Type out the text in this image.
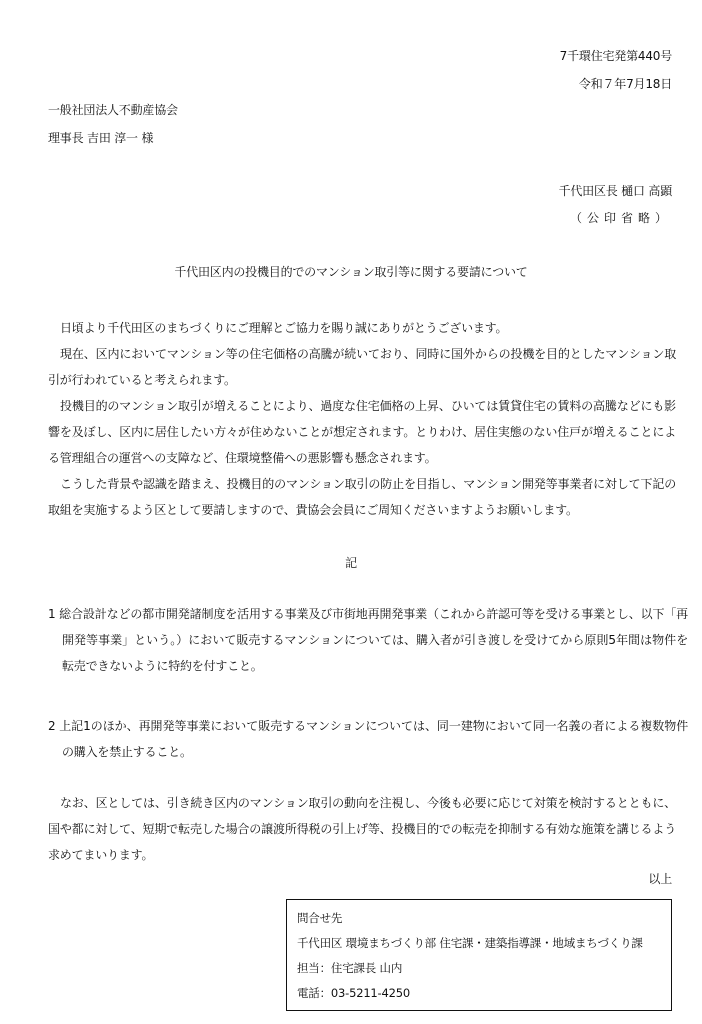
7千環住宅発第440号
令和７年7月18日
一般社団法人不動産協会
理事長 吉田 淳一 様
千代田区長 樋口 高顕
（公印省略）
千代田区内の投機目的でのマンション取引等に関する要請について

日頃より千代田区のまちづくりにご理解とご協力を賜り誠にありがとうございます。

現在、区内においてマンション等の住宅価格の高騰が続いており、同時に国外からの投機を目的としたマンション取引が行われていると考えられます。

投機目的のマンション取引が増えることにより、過度な住宅価格の上昇、ひいては賃貸住宅の賃料の高騰などにも影響を及ぼし、区内に居住したい方々が住めないことが想定されます。とりわけ、居住実態のない住戸が増えることによる管理組合の運営への支障など、住環境整備への悪影響も懸念されます。

こうした背景や認識を踏まえ、投機目的のマンション取引の防止を目指し、マンション開発等事業者に対して下記の取組を実施するよう区として要請しますので、貴協会会員にご周知くださいますようお願いします。

記

1 総合設計などの都市開発諸制度を活用する事業及び市街地再開発事業（これから許認可等を受ける事業とし、以下「再開発等事業」という。）において販売するマンションについては、購入者が引き渡しを受けてから原則5年間は物件を転売できないように特約を付すこと。

2 上記1のほか、再開発等事業において販売するマンションについては、同一建物において同一名義の者による複数物件の購入を禁止すること。

なお、区としては、引き続き区内のマンション取引の動向を注視し、今後も必要に応じて対策を検討するとともに、国や都に対して、短期で転売した場合の譲渡所得税の引上げ等、投機目的での転売を抑制する有効な施策を講じるよう求めてまいります。

以上
問合せ先
千代田区 環境まちづくり部 住宅課・建築指導課・地域まちづくり課
担当：住宅課長 山内
電話：03-5211-4250
